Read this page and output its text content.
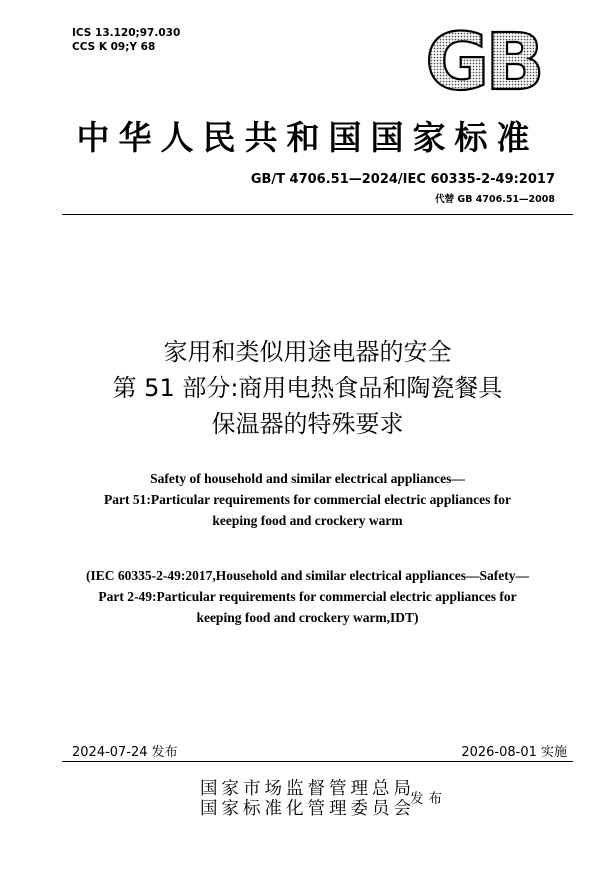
ICS 13.120;97.030
CCS K 09;Y 68	GB
中华人民共和国国家标准
GB/T 4706.51—2024/IEC 60335-2-49:2017
代替 GB 4706.51—2008
家用和类似用途电器的安全
第 51 部分:商用电热食品和陶瓷餐具
保温器的特殊要求
Safety of household and similar electrical appliances—
Part 51:Particular requirements for commercial electric appliances for
keeping food and crockery warm
(IEC 60335-2-49:2017,Household and similar electrical appliances—Safety—
Part 2-49:Particular requirements for commercial electric appliances for
keeping food and crockery warm,IDT)
2024-07-24 发布	2026-08-01 实施
国家市场监督管理总局
国家标准化管理委员会
发布
